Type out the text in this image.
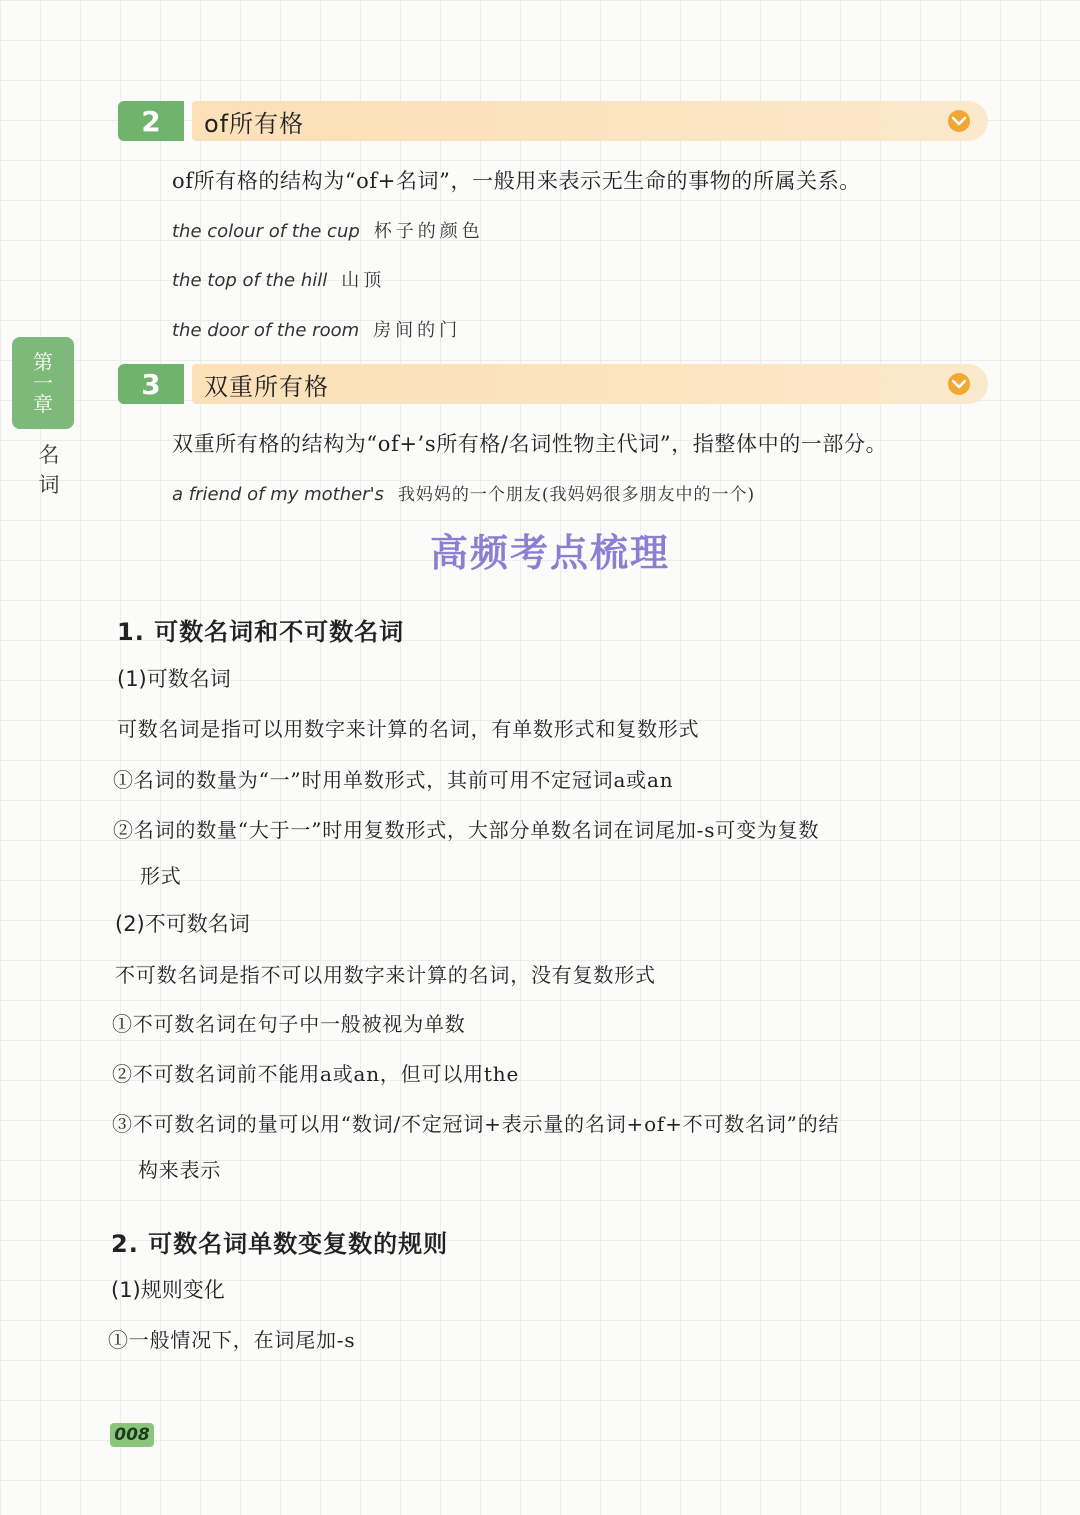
第
一
章
名
词
2	of所有格
of所有格的结构为“of+名词”，一般用来表示无生命的事物的所属关系。
the colour of the cup 杯子的颜色
the top of the hill 山顶
the door of the room 房间的门
3	双重所有格
双重所有格的结构为“of+’s所有格/名词性物主代词”，指整体中的一部分。
a friend of my mother's 我妈妈的一个朋友(我妈妈很多朋友中的一个)
高频考点梳理
1. 可数名词和不可数名词
(1)可数名词
可数名词是指可以用数字来计算的名词，有单数形式和复数形式
①名词的数量为“一”时用单数形式，其前可用不定冠词a或an
②名词的数量“大于一”时用复数形式，大部分单数名词在词尾加-s可变为复数
形式
(2)不可数名词
不可数名词是指不可以用数字来计算的名词，没有复数形式
①不可数名词在句子中一般被视为单数
②不可数名词前不能用a或an，但可以用the
③不可数名词的量可以用“数词/不定冠词+表示量的名词+of+不可数名词”的结
构来表示
2. 可数名词单数变复数的规则
(1)规则变化
①一般情况下，在词尾加-s
008
